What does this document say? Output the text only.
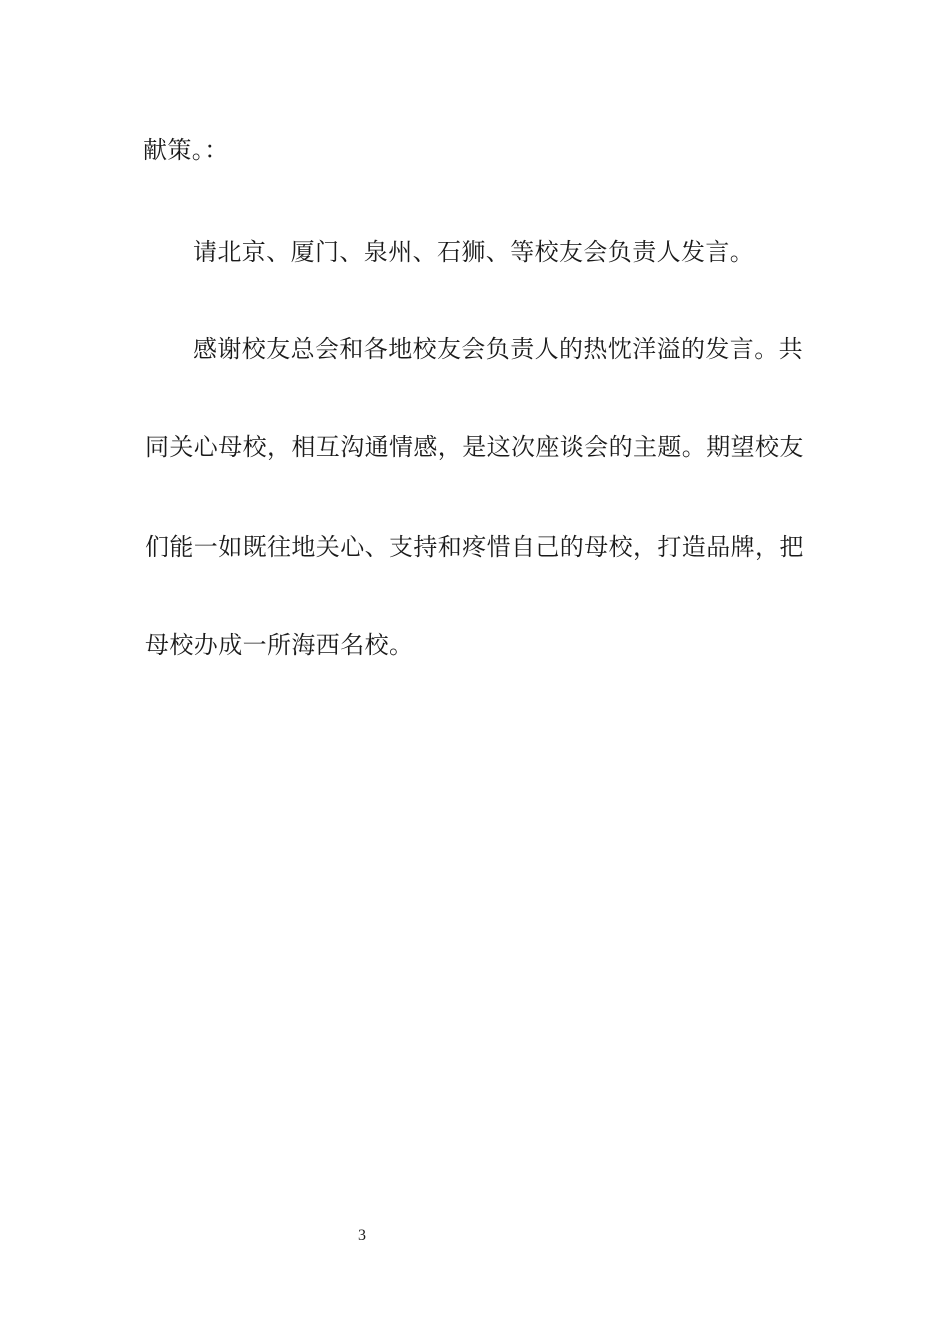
献策。：
请北京、厦门、泉州、石狮、等校友会负责人发言。
感谢校友总会和各地校友会负责人的热忱洋溢的发言。共
同关心母校，相互沟通情感，是这次座谈会的主题。期望校友
们能一如既往地关心、支持和疼惜自己的母校，打造品牌，把
母校办成一所海西名校。
3
